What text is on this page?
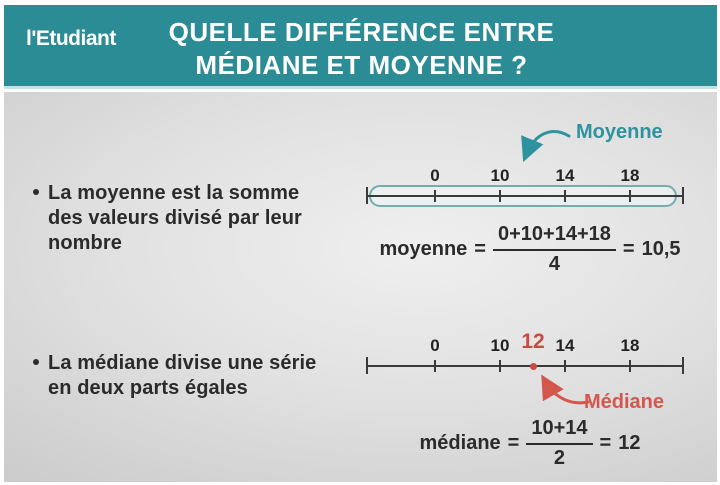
l'Etudiant	QUELLE DIFFÉRENCE ENTRE
MÉDIANE ET MOYENNE ?
La moyenne est la somme
des valeurs divisé par leur
nombre
Moyenne
0	10	14	18
moyenne = $\frac{0+10+14+18}{4} = 10,5$
La médiane divise une série
en deux parts égales
0	10	14	18
12
Médiane
médiane = $\frac{10+14}{2} = 12$
